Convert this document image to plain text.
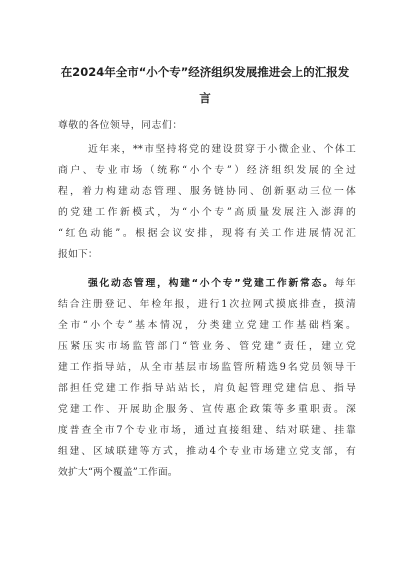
在2024年全市“小个专”经济组织发展推进会上的汇报发

言

尊敬的各位领导，同志们：

近年来，**市坚持将党的建设贯穿于小微企业、个体工

商户、专业市场（统称“小个专”）经济组织发展的全过

程，着力构建动态管理、服务链协同、创新驱动三位一体

的党建工作新模式，为“小个专”高质量发展注入澎湃的

“红色动能”。根据会议安排，现将有关工作进展情况汇

报如下：

强化动态管理，构建“小个专”党建工作新常态。每年

结合注册登记、年检年报，进行1次拉网式摸底排查，摸清

全市“小个专”基本情况，分类建立党建工作基础档案。

压紧压实市场监管部门“管业务、管党建”责任，建立党

建工作指导站，从全市基层市场监管所精选9名党员领导干

部担任党建工作指导站站长，肩负起管理党建信息、指导

党建工作、开展助企服务、宣传惠企政策等多重职责。深

度普查全市7个专业市场，通过直接组建、结对联建、挂靠

组建、区域联建等方式，推动4个专业市场建立党支部，有

效扩大“两个覆盖”工作面。
